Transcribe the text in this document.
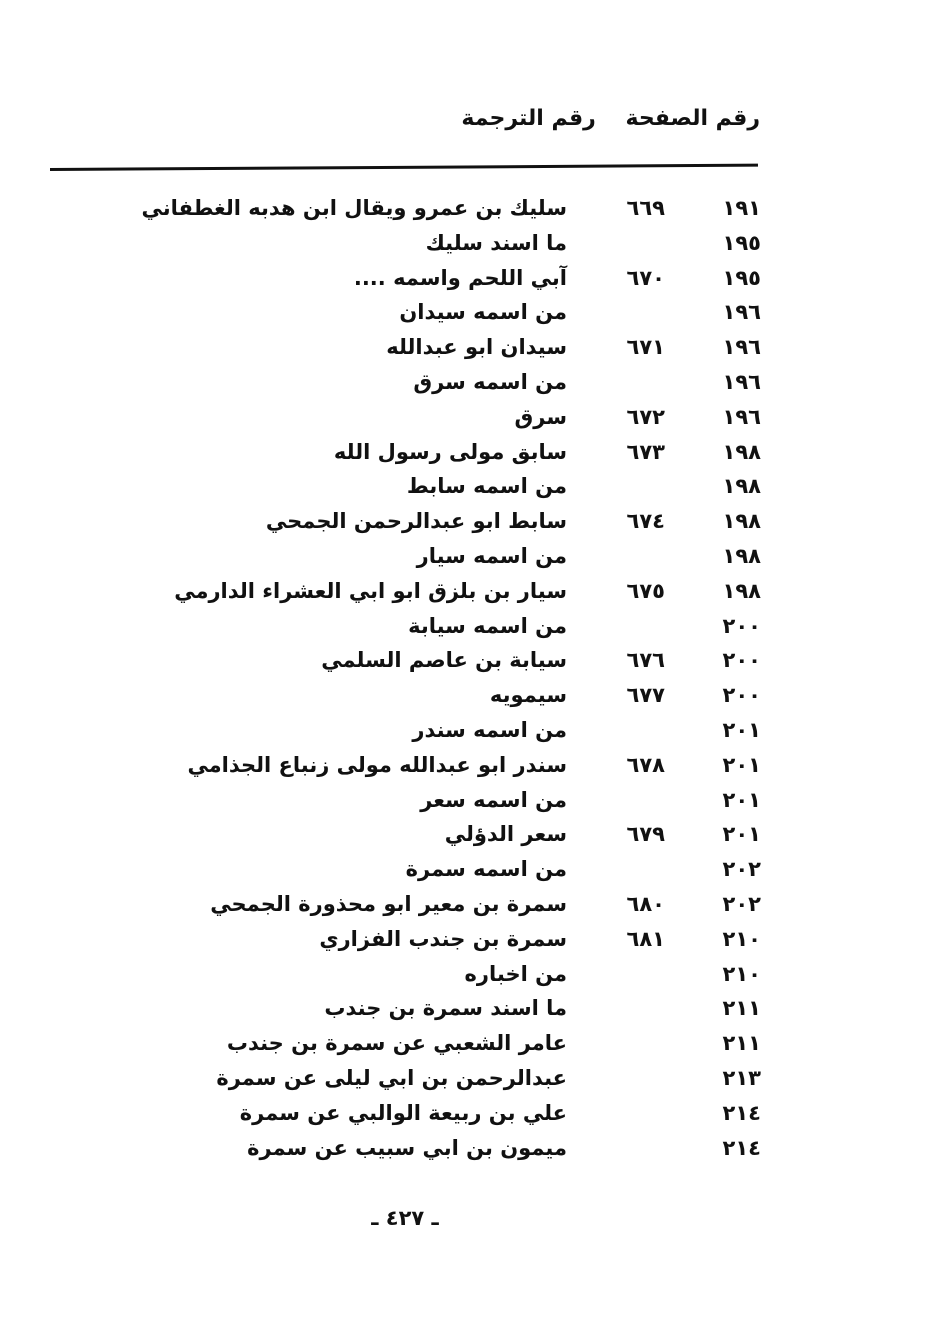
رقم الصفحة رقم الترجمة
١٩١
٦٦٩
سليك بن عمرو ويقال ابن هدبه الغطفاني
١٩٥
ما اسند سليك
١٩٥
٦٧٠
آبي اللحم واسمه ....
١٩٦
من اسمه سيدان
١٩٦
٦٧١
سيدان ابو عبدالله
١٩٦
من اسمه سرق
١٩٦
٦٧٢
سرق
١٩٨
٦٧٣
سابق مولى رسول الله
١٩٨
من اسمه سابط
١٩٨
٦٧٤
سابط ابو عبدالرحمن الجمحي
١٩٨
من اسمه سيار
١٩٨
٦٧٥
سيار بن بلزق ابو ابي العشراء الدارمي
٢٠٠
من اسمه سيابة
٢٠٠
٦٧٦
سيابة بن عاصم السلمي
٢٠٠
٦٧٧
سيمويه
٢٠١
من اسمه سندر
٢٠١
٦٧٨
سندر ابو عبدالله مولى زنباع الجذامي
٢٠١
من اسمه سعر
٢٠١
٦٧٩
سعر الدؤلي
٢٠٢
من اسمه سمرة
٢٠٢
٦٨٠
سمرة بن معير ابو محذورة الجمحي
٢١٠
٦٨١
سمرة بن جندب الفزاري
٢١٠
من اخباره
٢١١
ما اسند سمرة بن جندب
٢١١
عامر الشعبي عن سمرة بن جندب
٢١٣
عبدالرحمن بن ابي ليلى عن سمرة
٢١٤
علي بن ربيعة الوالبي عن سمرة
٢١٤
ميمون بن ابي سبيب عن سمرة
ـ ٤٢٧ ـ
